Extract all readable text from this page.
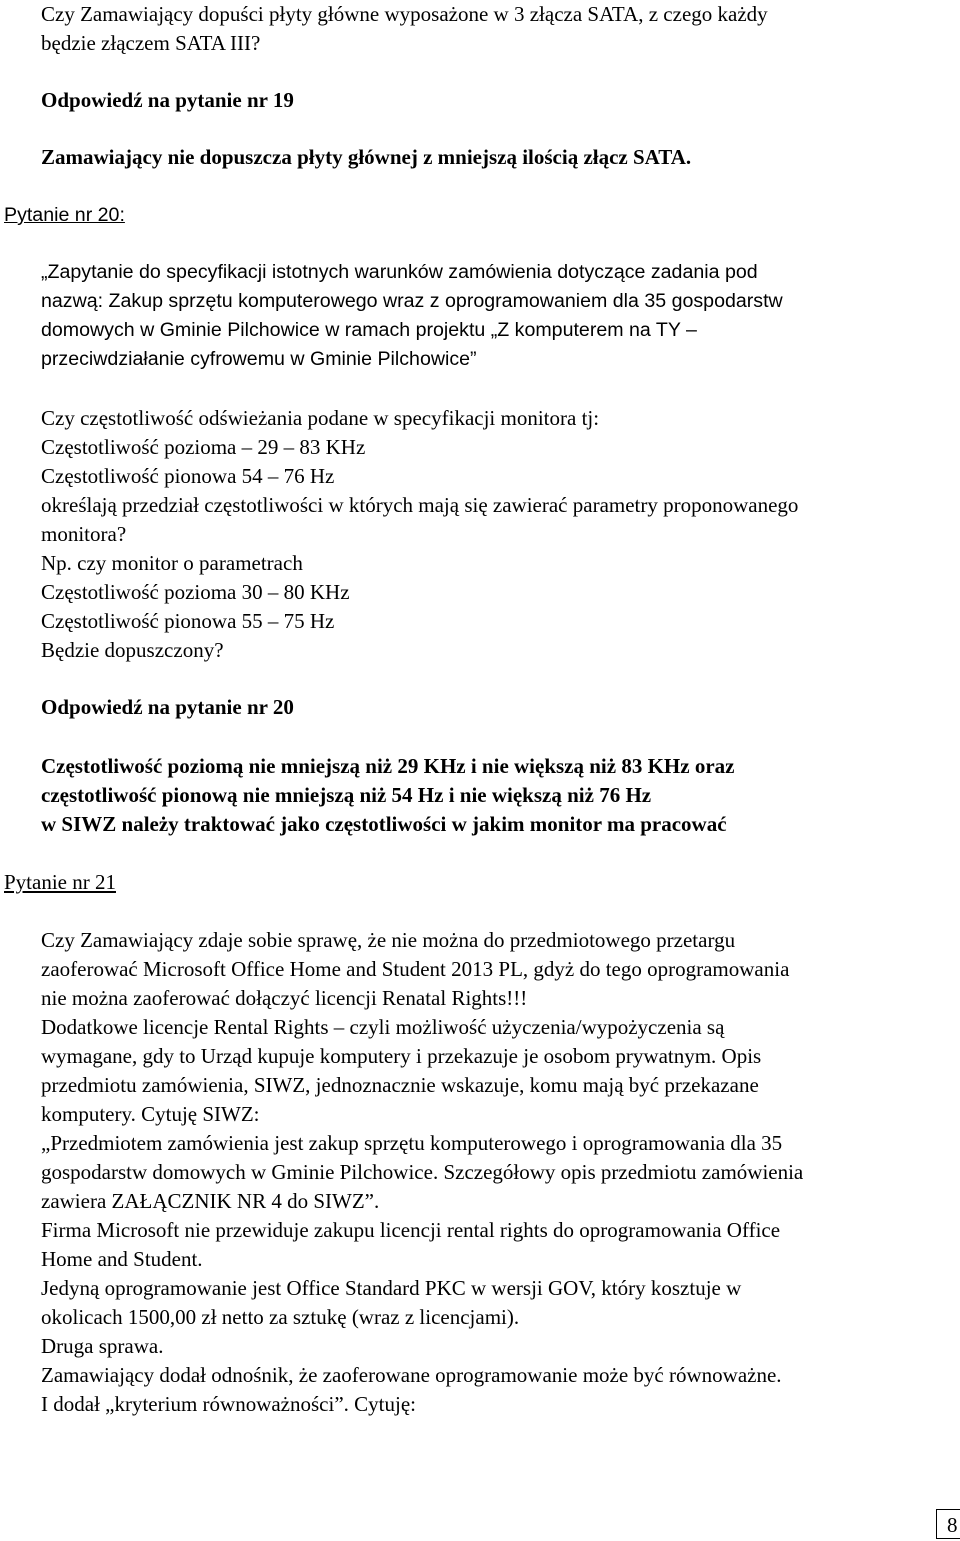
Czy Zamawiający dopuści płyty główne wyposażone w 3 złącza SATA, z czego każdy
będzie złączem SATA III?
Odpowiedź na pytanie nr 19
Zamawiający nie dopuszcza płyty głównej z mniejszą ilością złącz SATA.
Pytanie nr 20:
„Zapytanie do specyfikacji istotnych warunków zamówienia dotyczące zadania pod
nazwą: Zakup sprzętu komputerowego wraz z oprogramowaniem dla 35 gospodarstw
domowych w Gminie Pilchowice w ramach projektu „Z komputerem na TY –
przeciwdziałanie cyfrowemu w Gminie Pilchowice”
Czy częstotliwość odświeżania podane w specyfikacji monitora tj:
Częstotliwość pozioma – 29 – 83 KHz
Częstotliwość pionowa 54 – 76 Hz
określają przedział częstotliwości w których mają się zawierać parametry proponowanego
monitora?
Np. czy monitor o parametrach
Częstotliwość pozioma 30 – 80 KHz
Częstotliwość pionowa 55 – 75 Hz
Będzie dopuszczony?
Odpowiedź na pytanie nr 20
Częstotliwość poziomą nie mniejszą niż 29 KHz i nie większą niż 83 KHz oraz
częstotliwość pionową nie mniejszą niż 54 Hz i nie większą niż 76 Hz
w SIWZ należy traktować jako częstotliwości w jakim monitor ma pracować
Pytanie nr 21
Czy Zamawiający zdaje sobie sprawę, że nie można do przedmiotowego przetargu
zaoferować Microsoft Office Home and Student 2013 PL, gdyż do tego oprogramowania
nie można zaoferować dołączyć licencji Renatal Rights!!!
Dodatkowe licencje Rental Rights – czyli możliwość użyczenia/wypożyczenia są
wymagane, gdy to Urząd kupuje komputery i przekazuje je osobom prywatnym. Opis
przedmiotu zamówienia, SIWZ, jednoznacznie wskazuje, komu mają być przekazane
komputery. Cytuję SIWZ:
„Przedmiotem zamówienia jest zakup sprzętu komputerowego i oprogramowania dla 35
gospodarstw domowych w Gminie Pilchowice. Szczegółowy opis przedmiotu zamówienia
zawiera ZAŁĄCZNIK NR 4 do SIWZ”.
Firma Microsoft nie przewiduje zakupu licencji rental rights do oprogramowania Office
Home and Student.
Jedyną oprogramowanie jest Office Standard PKC w wersji GOV, który kosztuje w
okolicach 1500,00 zł netto za sztukę (wraz z licencjami).
Druga sprawa.
Zamawiający dodał odnośnik, że zaoferowane oprogramowanie może być równoważne.
I dodał „kryterium równoważności”. Cytuję:
8
